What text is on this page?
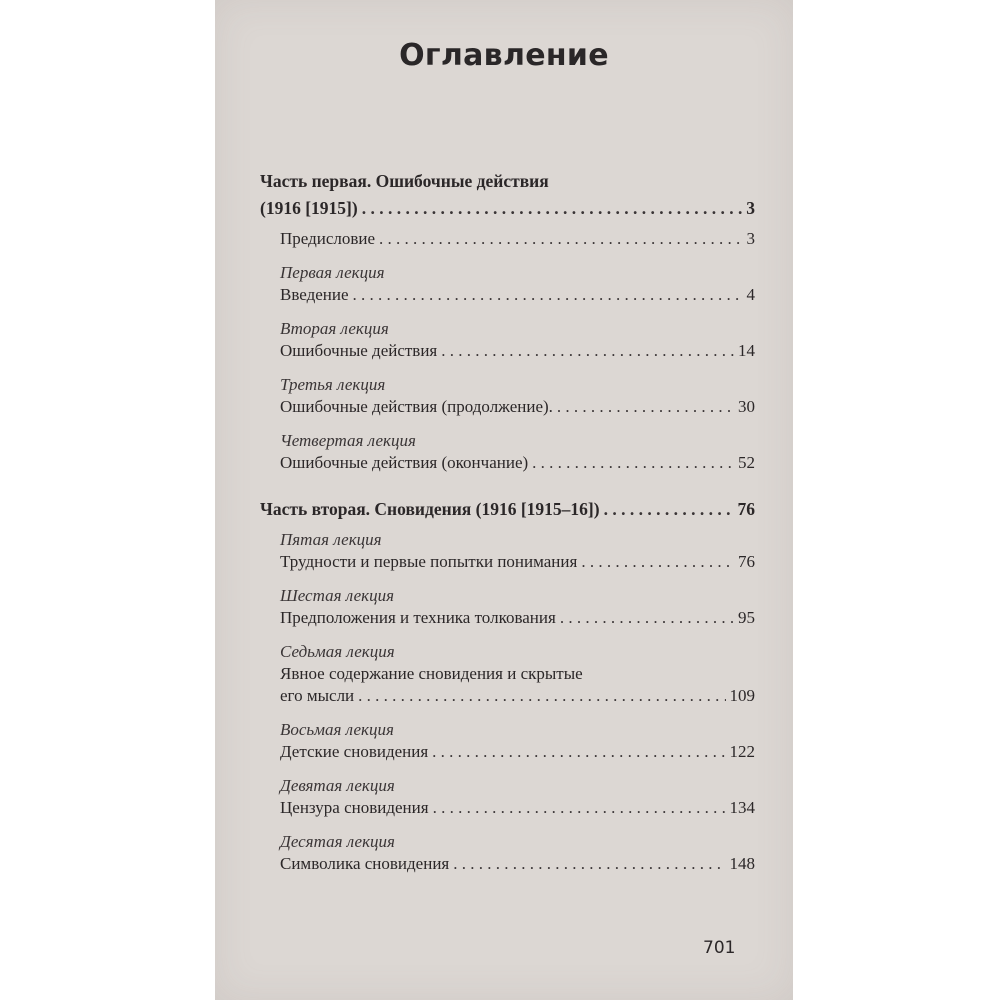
Оглавление
Часть первая. Ошибочные действия
(1916 [1915]) . . .	3
Предисловие . . .	3
Первая лекция
Введение . . .	4
Вторая лекция
Ошибочные действия . . .	14
Третья лекция
Ошибочные действия (продолжение). . . .	30
Четвертая лекция
Ошибочные действия (окончание) . . .	52
Часть вторая. Сновидения (1916 [1915–16]) . . .	76
Пятая лекция
Трудности и первые попытки понимания . . .	76
Шестая лекция
Предположения и техника толкования . . .	95
Седьмая лекция
Явное содержание сновидения и скрытые
его мысли . . .	109
Восьмая лекция
Детские сновидения . . .	122
Девятая лекция
Цензура сновидения . . .	134
Десятая лекция
Символика сновидения . . .	148
701
